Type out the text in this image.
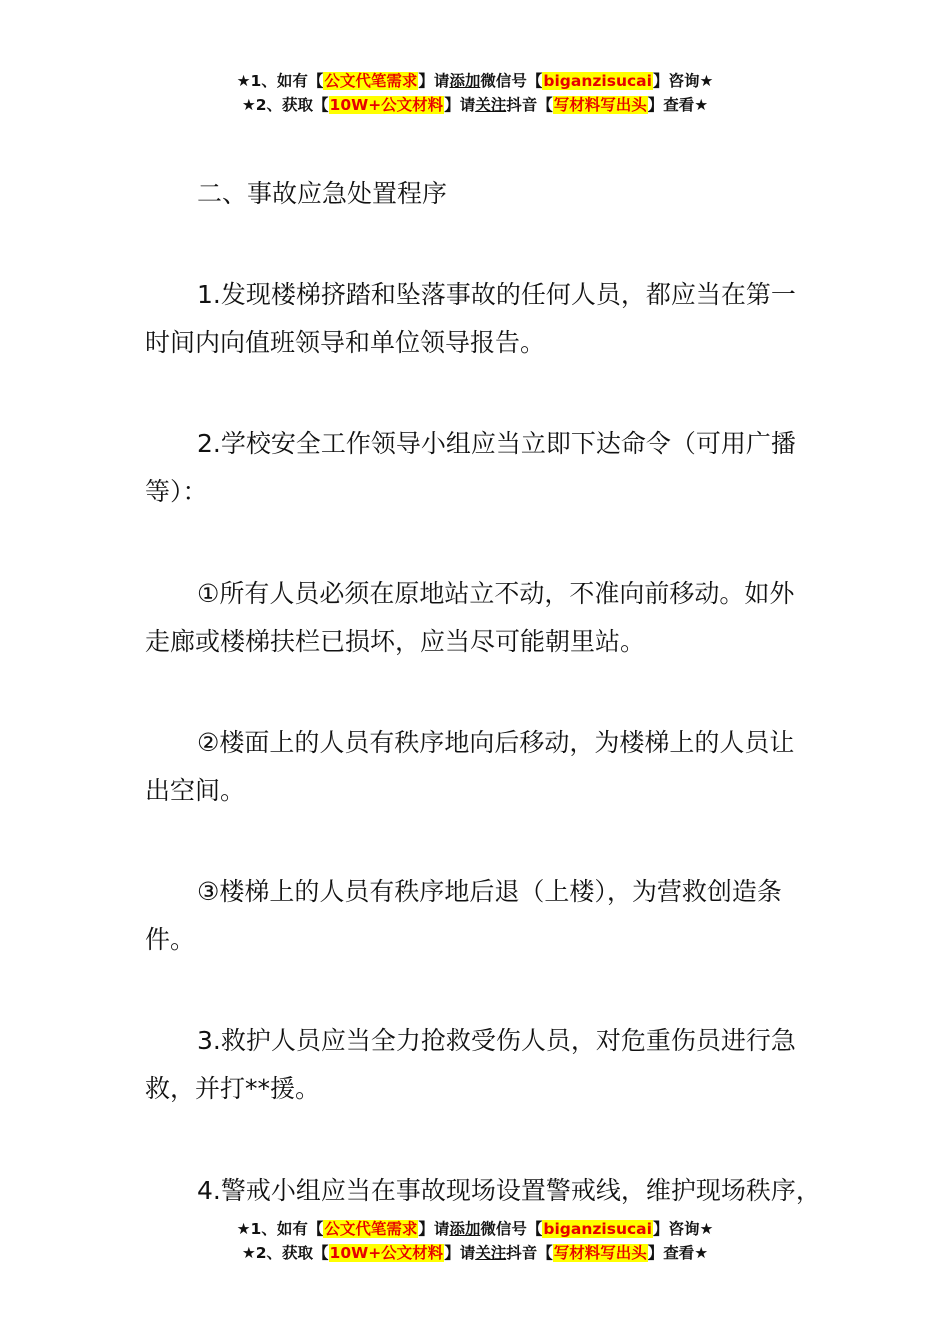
★1、如有【公文代笔需求】请添加微信号【biganzisucai】咨询★
★2、获取【10W+公文材料】请关注抖音【写材料写出头】查看★

二、事故应急处置程序

1.发现楼梯挤踏和坠落事故的任何人员，都应当在第一时间内向值班领导和单位领导报告。

2.学校安全工作领导小组应当立即下达命令（可用广播等）：

①所有人员必须在原地站立不动，不准向前移动。如外走廊或楼梯扶栏已损坏，应当尽可能朝里站。

②楼面上的人员有秩序地向后移动，为楼梯上的人员让出空间。

③楼梯上的人员有秩序地后退（上楼），为营救创造条件。

3.救护人员应当全力抢救受伤人员，对危重伤员进行急救，并打**援。

4.警戒小组应当在事故现场设置警戒线，维护现场秩序，

★1、如有【公文代笔需求】请添加微信号【biganzisucai】咨询★
★2、获取【10W+公文材料】请关注抖音【写材料写出头】查看★
